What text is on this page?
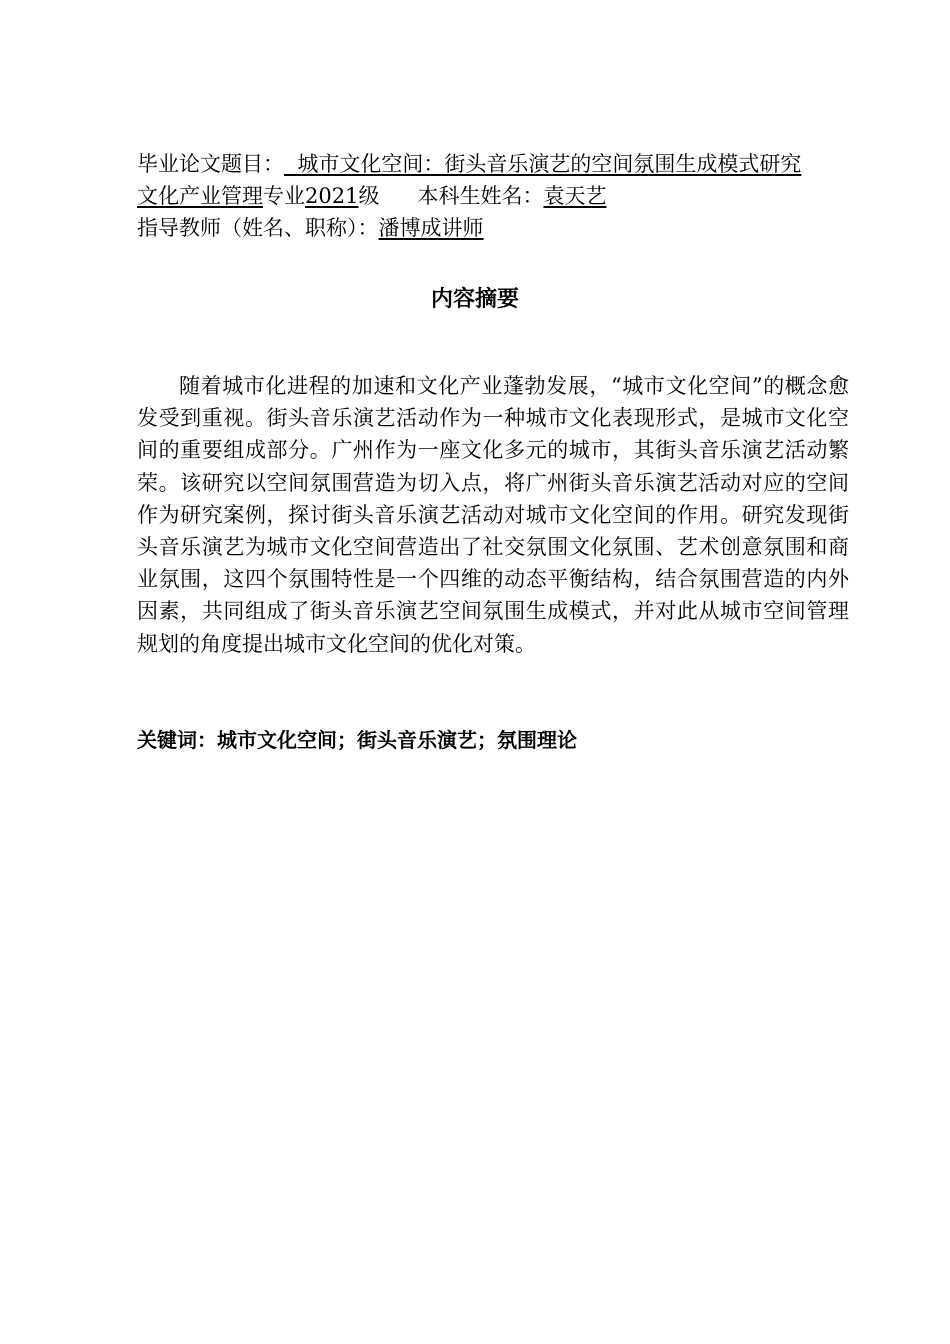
毕业论文题目： 城市文化空间：街头音乐演艺的空间氛围生成模式研究
文化产业管理专业2021级 本科生姓名：袁天艺
指导教师（姓名、职称）：潘博成讲师
内容摘要

随着城市化进程的加速和文化产业蓬勃发展，“城市文化空间”的概念愈发受到重视。街头音乐演艺活动作为一种城市文化表现形式，是城市文化空间的重要组成部分。广州作为一座文化多元的城市，其街头音乐演艺活动繁荣。该研究以空间氛围营造为切入点，将广州街头音乐演艺活动对应的空间作为研究案例，探讨街头音乐演艺活动对城市文化空间的作用。研究发现街头音乐演艺为城市文化空间营造出了社交氛围文化氛围、艺术创意氛围和商业氛围，这四个氛围特性是一个四维的动态平衡结构，结合氛围营造的内外因素，共同组成了街头音乐演艺空间氛围生成模式，并对此从城市空间管理规划的角度提出城市文化空间的优化对策。

关键词：城市文化空间；街头音乐演艺；氛围理论
